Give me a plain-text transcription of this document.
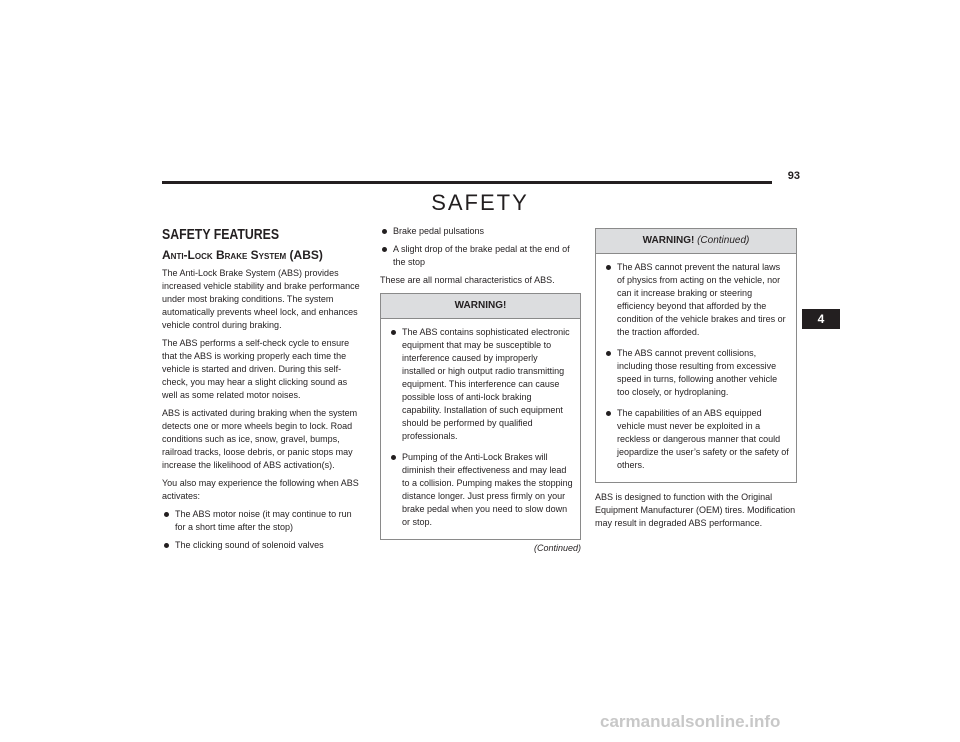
93
SAFETY
4
SAFETY FEATURES
Anti-Lock Brake System (ABS)

The Anti-Lock Brake System (ABS) provides increased vehicle stability and brake performance under most braking conditions. The system automatically prevents wheel lock, and enhances vehicle control during braking.

The ABS performs a self-check cycle to ensure that the ABS is working properly each time the vehicle is started and driven. During this self-check, you may hear a slight clicking sound as well as some related motor noises.

ABS is activated during braking when the system detects one or more wheels begin to lock. Road conditions such as ice, snow, gravel, bumps, railroad tracks, loose debris, or panic stops may increase the likelihood of ABS activation(s).

You also may experience the following when ABS activates:

The ABS motor noise (it may continue to run for a short time after the stop)
The clicking sound of solenoid valves
Brake pedal pulsations
A slight drop of the brake pedal at the end of the stop

These are all normal characteristics of ABS.

WARNING!
The ABS contains sophisticated electronic equipment that may be susceptible to interference caused by improperly installed or high output radio transmitting equipment. This interference can cause possible loss of anti-lock braking capability. Installation of such equipment should be performed by qualified professionals.
Pumping of the Anti-Lock Brakes will diminish their effectiveness and may lead to a collision. Pumping makes the stopping distance longer. Just press firmly on your brake pedal when you need to slow down or stop.
(Continued)
WARNING! (Continued)
The ABS cannot prevent the natural laws of physics from acting on the vehicle, nor can it increase braking or steering efficiency beyond that afforded by the condition of the vehicle brakes and tires or the traction afforded.
The ABS cannot prevent collisions, including those resulting from excessive speed in turns, following another vehicle too closely, or hydroplaning.
The capabilities of an ABS equipped vehicle must never be exploited in a reckless or dangerous manner that could jeopardize the user’s safety or the safety of others.

ABS is designed to function with the Original Equipment Manufacturer (OEM) tires. Modification may result in degraded ABS performance.

carmanualsonline.info
